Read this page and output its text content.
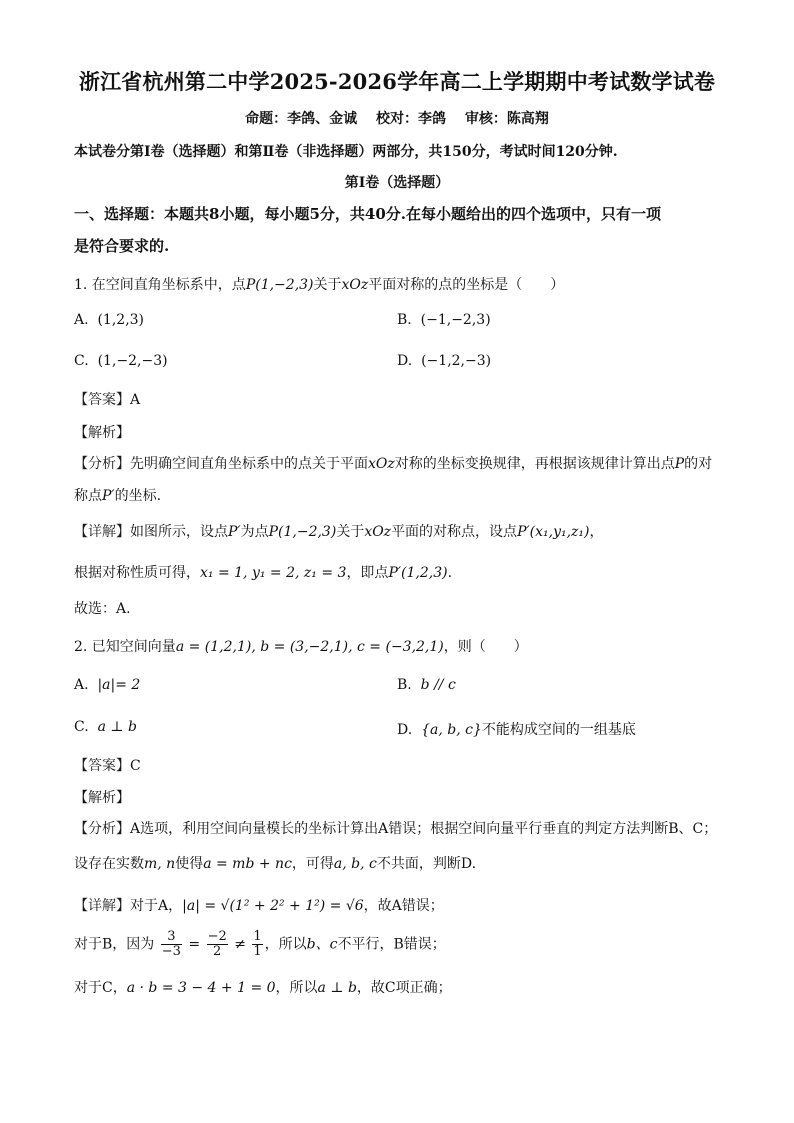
浙江省杭州第二中学2025-2026学年高二上学期期中考试数学试卷
命题：李鸽、金诚　 校对：李鸽　 审核：陈高翔
本试卷分第Ⅰ卷（选择题）和第Ⅱ卷（非选择题）两部分，共150分，考试时间120分钟.
第Ⅰ卷（选择题）
一、选择题：本题共8小题，每小题5分，共40分.在每小题给出的四个选项中，只有一项
是符合要求的.
1. 在空间直角坐标系中，点P(1,−2,3)关于xOz平面对称的点的坐标是（　　）
A. (1,2,3)	B. (−1,−2,3)
C. (1,−2,−3)	D. (−1,2,−3)
【答案】A
【解析】
【分析】先明确空间直角坐标系中的点关于平面xOz对称的坐标变换规律，再根据该规律计算出点P的对
称点P′的坐标.
【详解】如图所示，设点P′为点P(1,−2,3)关于xOz平面的对称点，设点P′(x₁,y₁,z₁)，
根据对称性质可得，x₁ = 1, y₁ = 2, z₁ = 3，即点P′(1,2,3).
故选：A.
2. 已知空间向量a = (1,2,1), b = (3,−2,1), c = (−3,2,1)，则（　　）
A. |a|= 2	B. b // c
C. a ⊥ b	D. {a, b, c}不能构成空间的一组基底
【答案】C
【解析】
【分析】A选项，利用空间向量模长的坐标计算出A错误；根据空间向量平行垂直的判定方法判断B、C；
设存在实数m, n使得a = mb + nc，可得a, b, c不共面，判断D.
【详解】对于A，|a| = √(1² + 2² + 1²) = √6，故A错误；
对于B，因为 $\frac{3}{-3} = \frac{-2}{2} \ne \frac{1}{1}$ ，所以b、c不平行，B错误；
对于C，a · b = 3 − 4 + 1 = 0，所以a ⊥ b，故C项正确；
